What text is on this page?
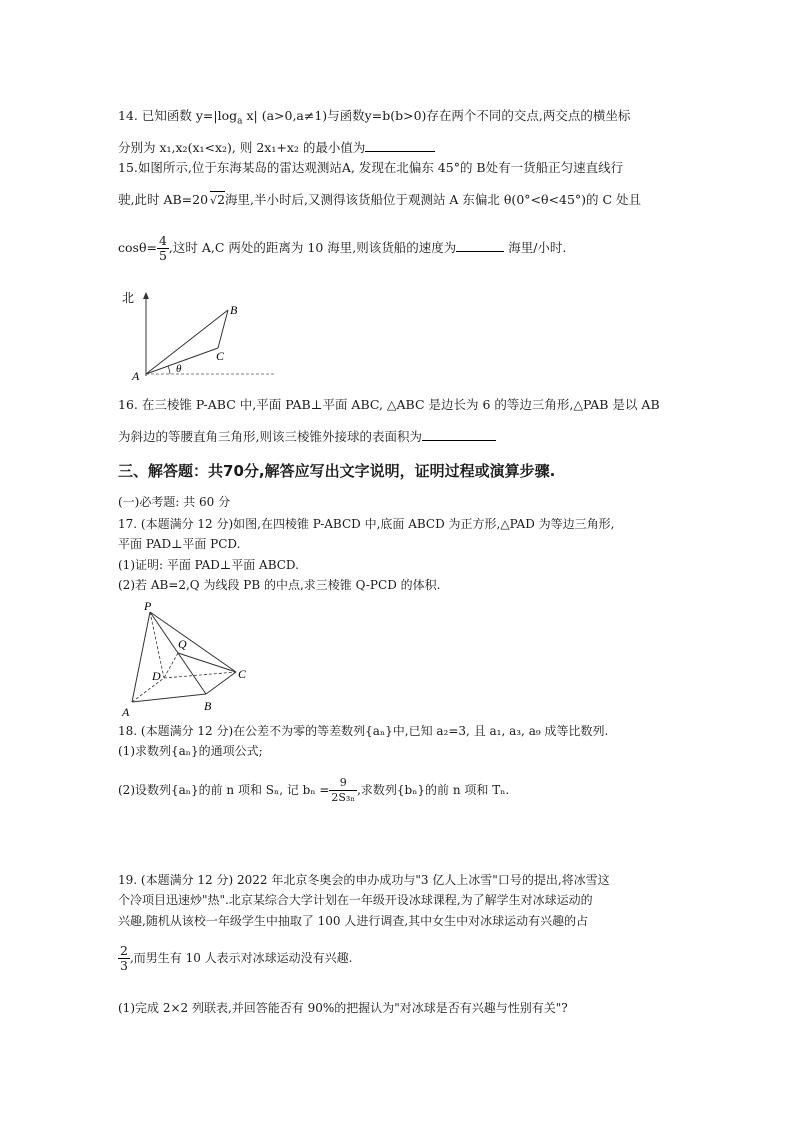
14. 已知函数 $y=|\log_a$ x| (a>0,a≠1)与函数y=b(b>0)存在两个不同的交点,两交点的横坐标
分别为 x₁,x₂(x₁<x₂), 则 2x₁+x₂ 的最小值为
15.如图所示,位于东海某岛的雷达观测站A, 发现在北偏东 45°的 B处有一货船正匀速直线行
驶,此时 AB=20 √2海里,半小时后,又测得该货船位于观测站 A 东偏北 θ(0°<θ<45°)的 C 处且
$\cos\theta= \frac{4}{5}$ ,这时 A,C 两处的距离为 10 海里,则该货船的速度为	海里/小时.
北
A
B
C
θ
16. 在三棱锥 P-ABC 中,平面 PAB⊥平面 ABC, △ABC 是边长为 6 的等边三角形,△PAB 是以 AB
为斜边的等腰直角三角形,则该三棱锥外接球的表面积为
三、解答题：共70分,解答应写出文字说明，证明过程或演算步骤.
(一)必考题: 共 60 分
17. (本题满分 12 分)如图,在四棱锥 P-ABCD 中,底面 ABCD 为正方形,△PAD 为等边三角形,
平面 PAD⊥平面 PCD.
(1)证明: 平面 PAD⊥平面 ABCD.
(2)若 AB=2,Q 为线段 PB 的中点,求三棱锥 Q-PCD 的体积.
P
Q
D	C
A	B
18. (本题满分 12 分)在公差不为零的等差数列{aₙ}中,已知 a₂=3, 且 a₁, a₃, a₉ 成等比数列.
(1)求数列{aₙ}的通项公式;
(2)设数列{aₙ}的前 n 项和 Sₙ, 记 $b_n = \frac{9}{\text{2S₃ₙ}}$ ,求数列{bₙ}的前 n 项和 Tₙ.
19. (本题满分 12 分) 2022 年北京冬奥会的申办成功与"3 亿人上冰雪"口号的提出,将冰雪这
个冷项目迅速炒"热".北京某综合大学计划在一年级开设冰球课程,为了解学生对冰球运动的
兴趣,随机从该校一年级学生中抽取了 100 人进行调查,其中女生中对冰球运动有兴趣的占
$\frac{2}{3}$ ,而男生有 10 人表示对冰球运动没有兴趣.
(1)完成 2×2 列联表,并回答能否有 90%的把握认为"对冰球是否有兴趣与性别有关"?
